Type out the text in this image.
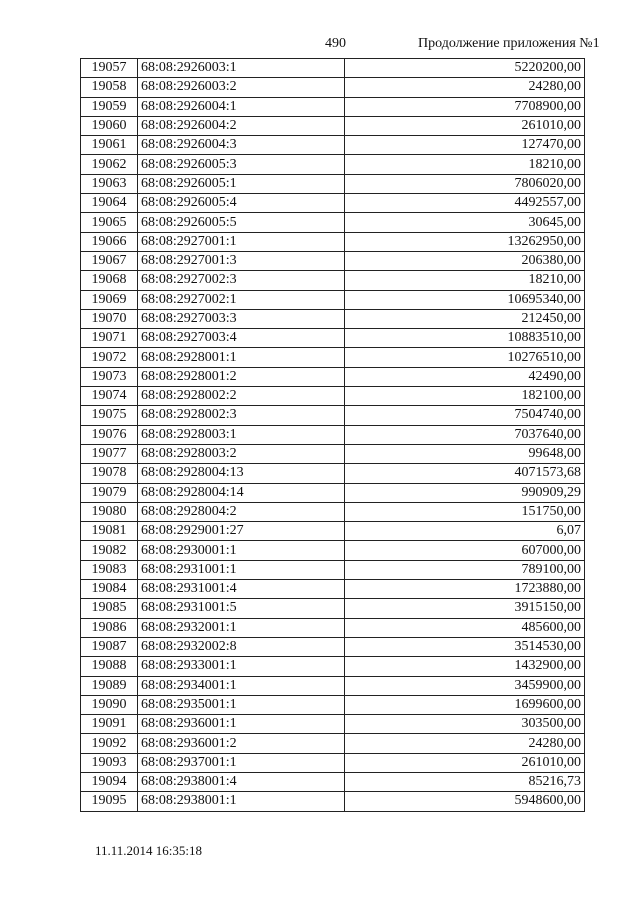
490	Продолжение приложения №1
19057	68:08:2926003:1	5220200,00
19058	68:08:2926003:2	24280,00
19059	68:08:2926004:1	7708900,00
19060	68:08:2926004:2	261010,00
19061	68:08:2926004:3	127470,00
19062	68:08:2926005:3	18210,00
19063	68:08:2926005:1	7806020,00
19064	68:08:2926005:4	4492557,00
19065	68:08:2926005:5	30645,00
19066	68:08:2927001:1	13262950,00
19067	68:08:2927001:3	206380,00
19068	68:08:2927002:3	18210,00
19069	68:08:2927002:1	10695340,00
19070	68:08:2927003:3	212450,00
19071	68:08:2927003:4	10883510,00
19072	68:08:2928001:1	10276510,00
19073	68:08:2928001:2	42490,00
19074	68:08:2928002:2	182100,00
19075	68:08:2928002:3	7504740,00
19076	68:08:2928003:1	7037640,00
19077	68:08:2928003:2	99648,00
19078	68:08:2928004:13	4071573,68
19079	68:08:2928004:14	990909,29
19080	68:08:2928004:2	151750,00
19081	68:08:2929001:27	6,07
19082	68:08:2930001:1	607000,00
19083	68:08:2931001:1	789100,00
19084	68:08:2931001:4	1723880,00
19085	68:08:2931001:5	3915150,00
19086	68:08:2932001:1	485600,00
19087	68:08:2932002:8	3514530,00
19088	68:08:2933001:1	1432900,00
19089	68:08:2934001:1	3459900,00
19090	68:08:2935001:1	1699600,00
19091	68:08:2936001:1	303500,00
19092	68:08:2936001:2	24280,00
19093	68:08:2937001:1	261010,00
19094	68:08:2938001:4	85216,73
19095	68:08:2938001:1	5948600,00
11.11.2014 16:35:18
